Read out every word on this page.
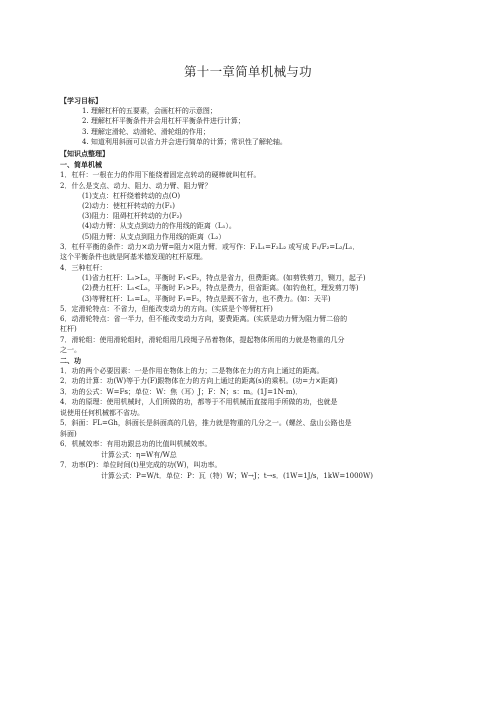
第十一章简单机械与功
【学习目标】
1. 理解杠杆的五要素，会画杠杆的示意图；
2. 理解杠杆平衡条件并会用杠杆平衡条件进行计算；
3. 理解定滑轮、动滑轮、滑轮组的作用；
4. 知道利用斜面可以省力并会进行简单的计算；常识性了解轮轴。
【知识点整理】
一、简单机械
1．杠杆：一根在力的作用下能绕着固定点转动的硬棒就叫杠杆。
2．什么是支点、动力、阻力、动力臂、阻力臂？
(1)支点：杠杆绕着转动的点(O)
(2)动力：使杠杆转动的力(F₁)
(3)阻力：阻碍杠杆转动的力(F₂)
(4)动力臂：从支点到动力的作用线的距离（L₁）。
(5)阻力臂：从支点到阻力作用线的距离（L₂）
3．杠杆平衡的条件：动力×动力臂=阻力×阻力臂．或写作：F₁L₁=F₂L₂ 或写成 F₁/F₂=L₂/L₁．
这个平衡条件也就是阿基米德发现的杠杆原理。
4．三种杠杆：
(1)省力杠杆：L₁>L₂，平衡时 F₁<F₂，特点是省力，但费距离。(如剪铁剪刀，铡刀，起子)
(2)费力杠杆：L₁<L₂，平衡时 F₁>F₂，特点是费力，但省距离。(如钓鱼杠，理发剪刀等)
(3)等臂杠杆：L₁=L₂，平衡时 F₁=F₂，特点是既不省力，也不费力。(如：天平)
5．定滑轮特点：不省力，但能改变动力的方向。(实质是个等臂杠杆)
6．动滑轮特点：省一半力，但不能改变动力方向，要费距离。(实质是动力臂为阻力臂二倍的
杠杆)
7．滑轮组：使用滑轮组时，滑轮组用几段绳子吊着物体，提起物体所用的力就是物重的几分
之一。
二、功
1．功的两个必要因素：一是作用在物体上的力；二是物体在力的方向上通过的距离。
2．功的计算：功(W)等于力(F)跟物体在力的方向上通过的距离(s)的乘积。(功=力×距离)
3．功的公式：W=Fs；单位：W：焦（耳）J；F：N；s：m。(1J=1N·m)．
4．功的原理：使用机械时，人们所做的功，都等于不用机械而直接用手所做的功，也就是
说使用任何机械都不省功。
5．斜面：FL=Gh，斜面长是斜面高的几倍，推力就是物重的几分之一。(螺丝、盘山公路也是
斜面)
6．机械效率：有用功跟总功的比值叫机械效率。
计算公式：η=W有/W总
7．功率(P)：单位时间(t)里完成的功(W)，叫功率。
计算公式：P=W/t．单位：P：瓦（特）W；W→J；t→s．(1W=1J/s，1kW=1000W)
